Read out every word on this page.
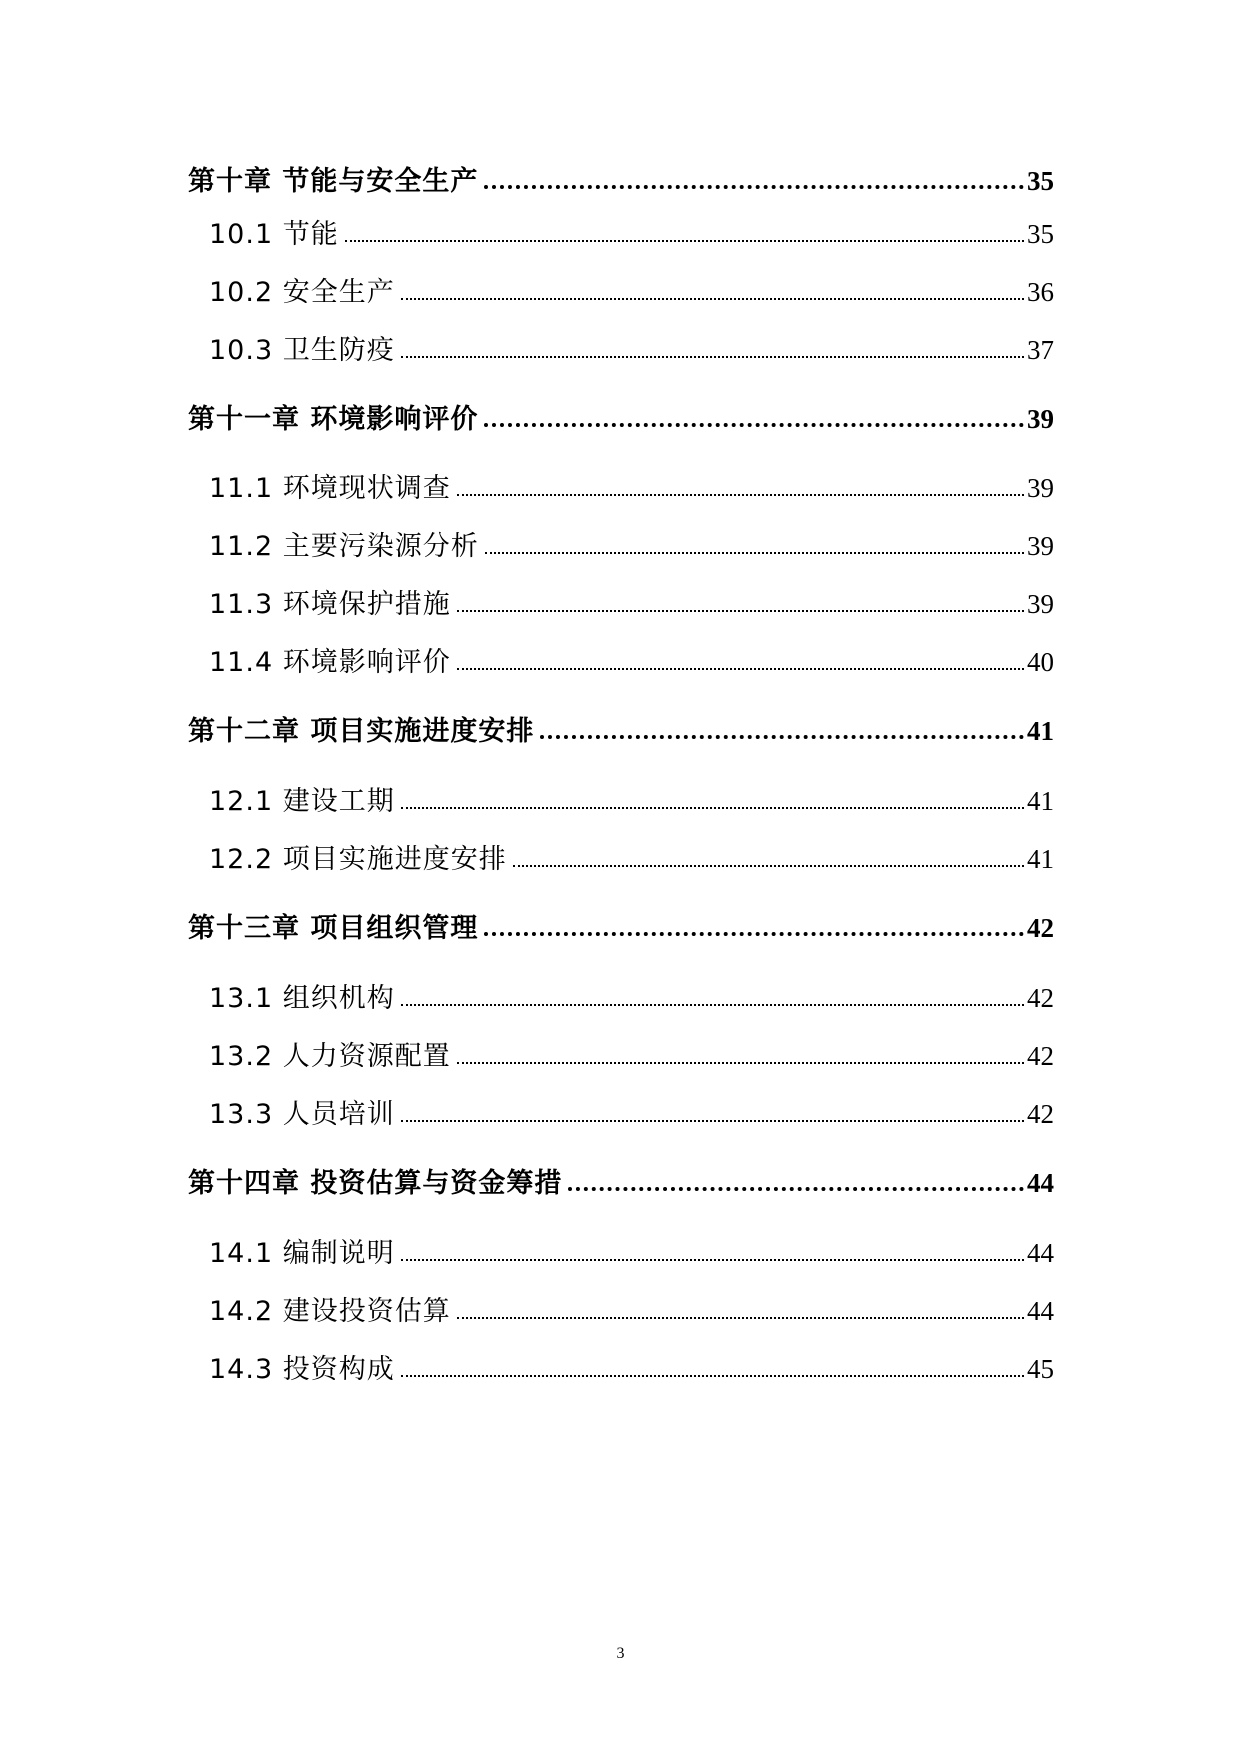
第十章 节能与安全生产	35
10.1 节能	35
10.2 安全生产	36
10.3 卫生防疫	37
第十一章 环境影响评价	39
11.1 环境现状调查	39
11.2 主要污染源分析	39
11.3 环境保护措施	39
11.4 环境影响评价	40
第十二章 项目实施进度安排	41
12.1 建设工期	41
12.2 项目实施进度安排	41
第十三章 项目组织管理	42
13.1 组织机构	42
13.2 人力资源配置	42
13.3 人员培训	42
第十四章 投资估算与资金筹措	44
14.1 编制说明	44
14.2 建设投资估算	44
14.3 投资构成	45
3
